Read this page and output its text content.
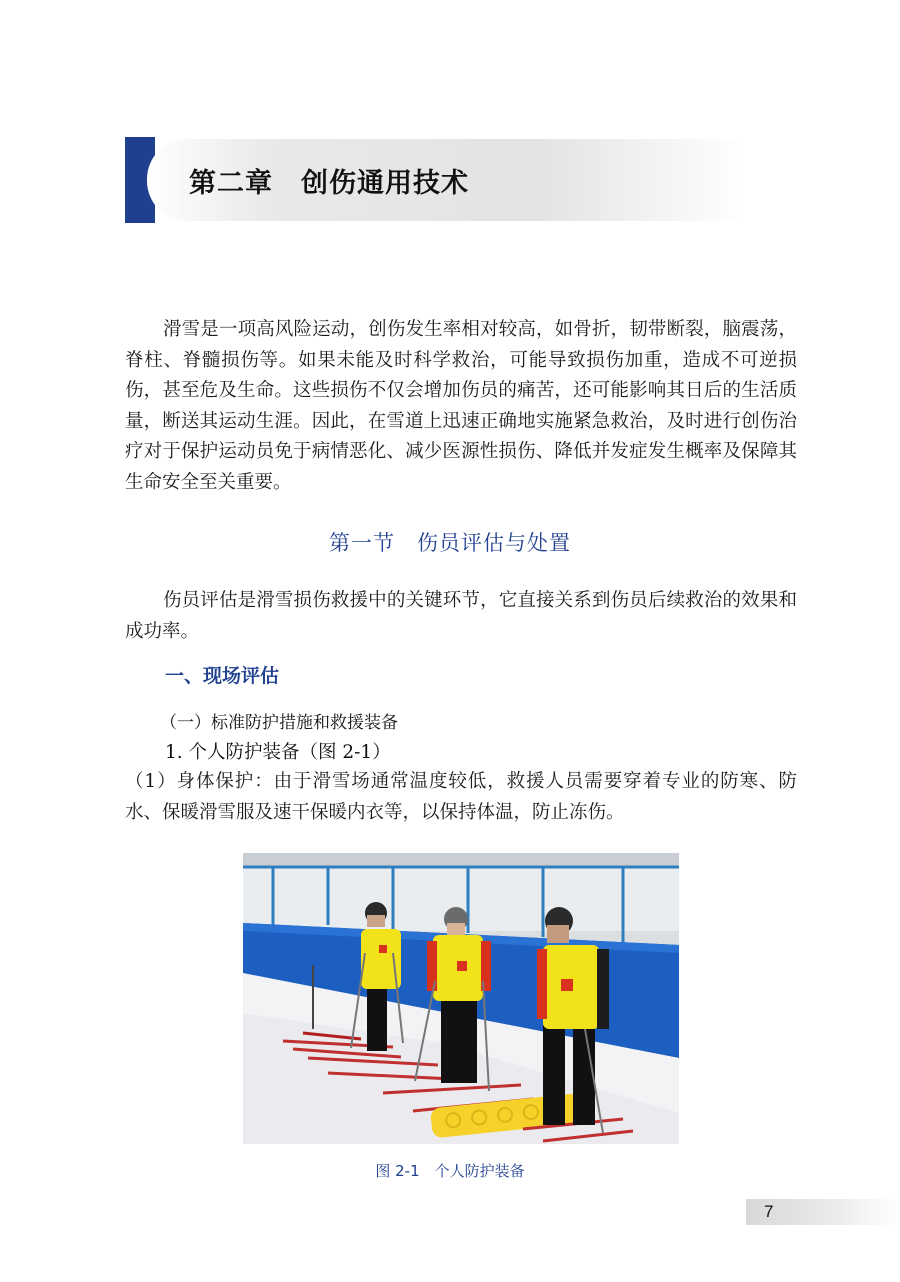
第二章　创伤通用技术

滑雪是一项高风险运动，创伤发生率相对较高，如骨折，韧带断裂，脑震荡，脊柱、脊髓损伤等。如果未能及时科学救治，可能导致损伤加重，造成不可逆损伤，甚至危及生命。这些损伤不仅会增加伤员的痛苦，还可能影响其日后的生活质量，断送其运动生涯。因此，在雪道上迅速正确地实施紧急救治，及时进行创伤治疗对于保护运动员免于病情恶化、减少医源性损伤、降低并发症发生概率及保障其生命安全至关重要。

第一节　伤员评估与处置

伤员评估是滑雪损伤救援中的关键环节，它直接关系到伤员后续救治的效果和成功率。

一、现场评估
（一）标准防护措施和救援装备
1. 个人防护装备（图 2-1）

（1）身体保护：由于滑雪场通常温度较低，救援人员需要穿着专业的防寒、防水、保暖滑雪服及速干保暖内衣等，以保持体温，防止冻伤。

图 2-1　个人防护装备
7
